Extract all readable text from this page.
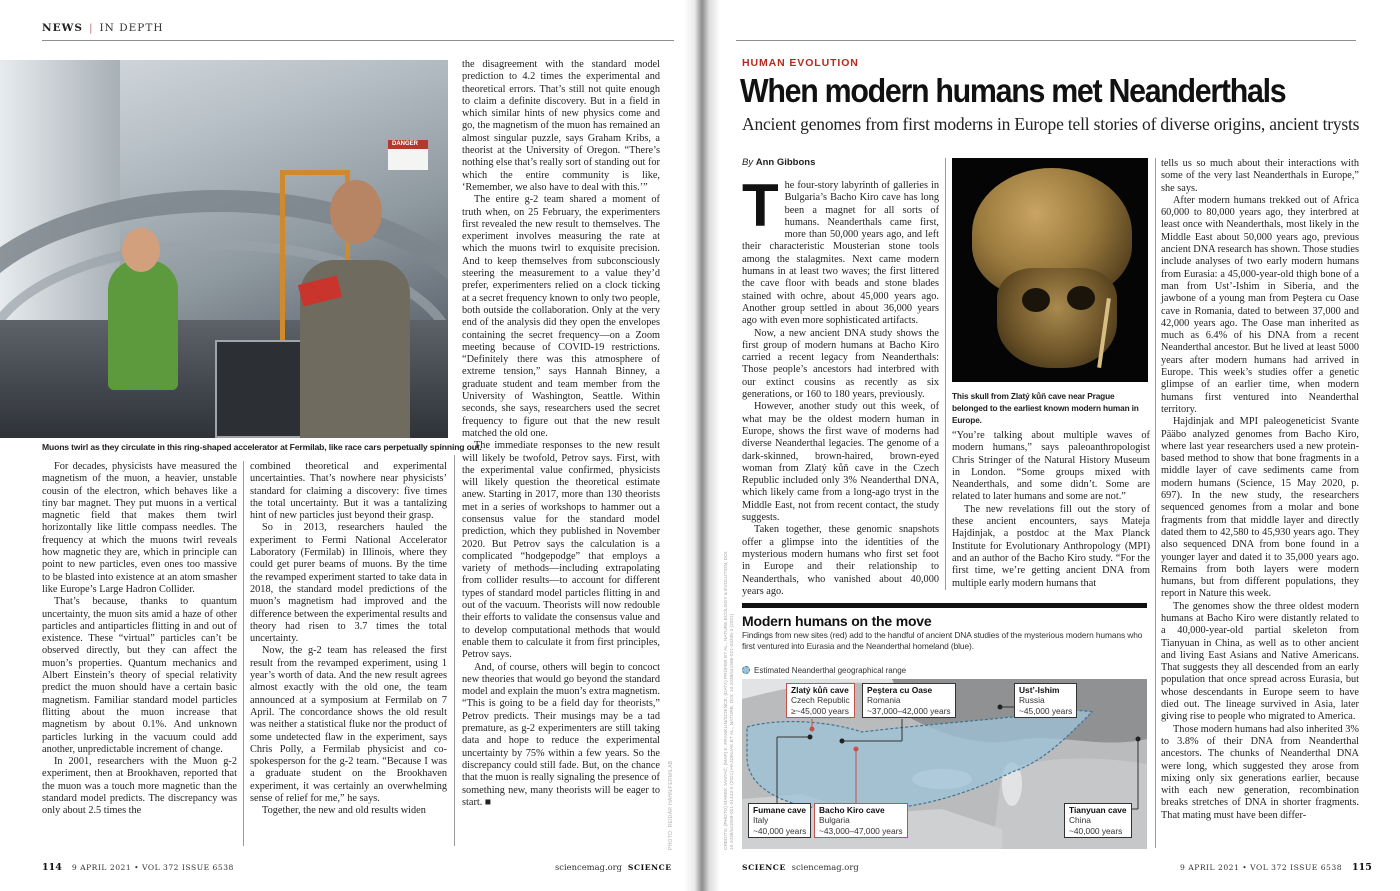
NEWS | IN DEPTH
DANGER
Muons twirl as they circulate in this ring-shaped accelerator at Fermilab, like race cars perpetually spinning out.

For decades, physicists have measured the magnetism of the muon, a heavier, unstable cousin of the electron, which behaves like a tiny bar magnet. They put muons in a vertical magnetic field that makes them twirl horizontally like little compass needles. The frequency at which the muons twirl reveals how magnetic they are, which in principle can point to new particles, even ones too massive to be blasted into existence at an atom smasher like Europe’s Large Hadron Collider.

That’s because, thanks to quantum uncertainty, the muon sits amid a haze of other particles and antiparticles flitting in and out of existence. These “virtual” particles can’t be observed directly, but they can affect the muon’s properties. Quantum mechanics and Albert Einstein’s theory of special relativity predict the muon should have a certain basic magnetism. Familiar standard model particles flitting about the muon increase that magnetism by about 0.1%. And unknown particles lurking in the vacuum could add another, unpredictable increment of change.

In 2001, researchers with the Muon g-2 experiment, then at Brookhaven, reported that the muon was a touch more magnetic than the standard model predicts. The discrepancy was only about 2.5 times the

combined theoretical and experimental uncertainties. That’s nowhere near physicists’ standard for claiming a discovery: five times the total uncertainty. But it was a tantalizing hint of new particles just beyond their grasp.

So in 2013, researchers hauled the experiment to Fermi National Accelerator Laboratory (Fermilab) in Illinois, where they could get purer beams of muons. By the time the revamped experiment started to take data in 2018, the standard model predictions of the muon’s magnetism had improved and the difference between the experimental results and theory had risen to 3.7 times the total uncertainty.

Now, the g-2 team has released the first result from the revamped experiment, using 1 year’s worth of data. And the new result agrees almost exactly with the old one, the team announced at a symposium at Fermilab on 7 April. The concordance shows the old result was neither a statistical fluke nor the product of some undetected flaw in the experiment, says Chris Polly, a Fermilab physicist and co-spokesperson for the g-2 team. “Because I was a graduate student on the Brookhaven experiment, it was certainly an overwhelming sense of relief for me,” he says.

Together, the new and old results widen

the disagreement with the standard model prediction to 4.2 times the experimental and theoretical errors. That’s still not quite enough to claim a definite discovery. But in a field in which similar hints of new physics come and go, the magnetism of the muon has remained an almost singular puzzle, says Graham Kribs, a theorist at the University of Oregon. “There’s nothing else that’s really sort of standing out for which the entire community is like, ‘Remember, we also have to deal with this.’”

The entire g-2 team shared a moment of truth when, on 25 February, the experimenters first revealed the new result to themselves. The experiment involves measuring the rate at which the muons twirl to exquisite precision. And to keep themselves from subconsciously steering the measurement to a value they’d prefer, experimenters relied on a clock ticking at a secret frequency known to only two people, both outside the collaboration. Only at the very end of the analysis did they open the envelopes containing the secret frequency—on a Zoom meeting because of COVID-19 restrictions. “Definitely there was this atmosphere of extreme tension,” says Hannah Binney, a graduate student and team member from the University of Washington, Seattle. Within seconds, she says, researchers used the secret frequency to figure out that the new result matched the old one.

The immediate responses to the new result will likely be twofold, Petrov says. First, with the experimental value confirmed, physicists will likely question the theoretical estimate anew. Starting in 2017, more than 130 theorists met in a series of workshops to hammer out a consensus value for the standard model prediction, which they published in November 2020. But Petrov says the calculation is a complicated “hodgepodge” that employs a variety of methods—including extrapolating from collider results—to account for different types of standard model particles flitting in and out of the vacuum. Theorists will now redouble their efforts to validate the consensus value and to develop computational methods that would enable them to calculate it from first principles, Petrov says.

And, of course, others will begin to concoct new theories that would go beyond the standard model and explain the muon’s extra magnetism. “This is going to be a field day for theorists,” Petrov predicts. Their musings may be a tad premature, as g-2 experimenters are still taking data and hope to reduce the experimental uncertainty by 75% within a few years. So the discrepancy could still fade. But, on the chance that the muon is really signaling the presence of something new, many theorists will be eager to start. ■	PHOTO: REIDAR HAHN/FERMILAB
114 9 APRIL 2021 • VOL 372 ISSUE 6538	sciencemag.org SCIENCE
HUMAN EVOLUTION
When modern humans met Neanderthals
Ancient genomes from first moderns in Europe tell stories of diverse origins, ancient trysts
By Ann Gibbons

The four-story labyrinth of galleries in Bulgaria’s Bacho Kiro cave has long been a magnet for all sorts of humans. Neanderthals came first, more than 50,000 years ago, and left their characteristic Mousterian stone tools among the stalagmites. Next came modern humans in at least two waves; the first littered the cave floor with beads and stone blades stained with ochre, about 45,000 years ago. Another group settled in about 36,000 years ago with even more sophisticated artifacts.

Now, a new ancient DNA study shows the first group of modern humans at Bacho Kiro carried a recent legacy from Neanderthals: Those people’s ancestors had interbred with our extinct cousins as recently as six generations, or 160 to 180 years, previously.

However, another study out this week, of what may be the oldest modern human in Europe, shows the first wave of moderns had diverse Neanderthal legacies. The genome of a dark-skinned, brown-haired, brown-eyed woman from Zlatý kůň cave in the Czech Republic included only 3% Neanderthal DNA, which likely came from a long-ago tryst in the Middle East, not from recent contact, the study suggests.

Taken together, these genomic snapshots offer a glimpse into the identities of the mysterious modern humans who first set foot in Europe and their relationship to Neanderthals, who vanished about 40,000 years ago.

This skull from Zlatý kůň cave near Prague belonged to the earliest known modern human in Europe.

“You’re talking about multiple waves of modern humans,” says paleoanthropologist Chris Stringer of the Natural History Museum in London. “Some groups mixed with Neanderthals, and some didn’t. Some are related to later humans and some are not.”

The new revelations fill out the story of these ancient encounters, says Mateja Hajdinjak, a postdoc at the Max Planck Institute for Evolutionary Anthropology (MPI) and an author of the Bacho Kiro study. “For the first time, we’re getting ancient DNA from multiple early modern humans that

tells us so much about their interactions with some of the very last Neanderthals in Europe,” she says.

After modern humans trekked out of Africa 60,000 to 80,000 years ago, they interbred at least once with Neanderthals, most likely in the Middle East about 50,000 years ago, previous ancient DNA research has shown. Those studies include analyses of two early modern humans from Eurasia: a 45,000-year-old thigh bone of a man from Ust’-Ishim in Siberia, and the jawbone of a young man from Peştera cu Oase cave in Romania, dated to between 37,000 and 42,000 years ago. The Oase man inherited as much as 6.4% of his DNA from a recent Neanderthal ancestor. But he lived at least 5000 years after modern humans had arrived in Europe. This week’s studies offer a genetic glimpse of an earlier time, when modern humans first ventured into Neanderthal territory.

Hajdinjak and MPI paleogeneticist Svante Pääbo analyzed genomes from Bacho Kiro, where last year researchers used a new protein-based method to show that bone fragments in a middle layer of cave sediments came from modern humans (Science, 15 May 2020, p. 697). In the new study, the researchers sequenced genomes from a molar and bone fragments from that middle layer and directly dated them to 42,580 to 45,930 years ago. They also sequenced DNA from bone found in a younger layer and dated it to 35,000 years ago. Remains from both layers were modern humans, but from different populations, they report in Nature this week.

The genomes show the three oldest modern humans at Bacho Kiro were distantly related to a 40,000-year-old partial skeleton from Tianyuan in China, as well as to other ancient and living East Asians and Native Americans. That suggests they all descended from an early population that once spread across Eurasia, but whose descendants in Europe seem to have died out. The lineage survived in Asia, later giving rise to people who migrated to America.

Those modern humans had also inherited 3% to 3.8% of their DNA from Neanderthal ancestors. The chunks of Neanderthal DNA were long, which suggested they arose from mixing only six generations earlier, because with each new generation, recombination breaks stretches of DNA in shorter fragments. That mating must have been differ-

Modern humans on the move
Findings from new sites (red) add to the handful of ancient DNA studies of the mysterious modern humans who first ventured into Eurasia and the Neanderthal homeland (blue).
Estimated Neanderthal geographical range
Zlatý kůň cave
Czech Republic
≥~45,000 years
Peştera cu Oase
Romania
~37,000–42,000 years
Ust’-Ishim
Russia
~45,000 years
Fumane cave
Italy
~40,000 years
Bacho Kiro cave
Bulgaria
~43,000–47,000 years
Tianyuan cave
China
~40,000 years
CREDITS: (PHOTO) MAREK JANTAČ; (MAP) K. FRANKLIN/SCIENCE; (DATA) PRÜFER ET AL., NATURE ECOLOGY & EVOLUTION, DOI: 10.1038/s41559-021-01443-X (2021) HAJDINJAK ET AL., NATURE, DOI: 10.1038/s41586-021-03335-3 (2021)
SCIENCE sciencemag.org	9 APRIL 2021 • VOL 372 ISSUE 6538 115
